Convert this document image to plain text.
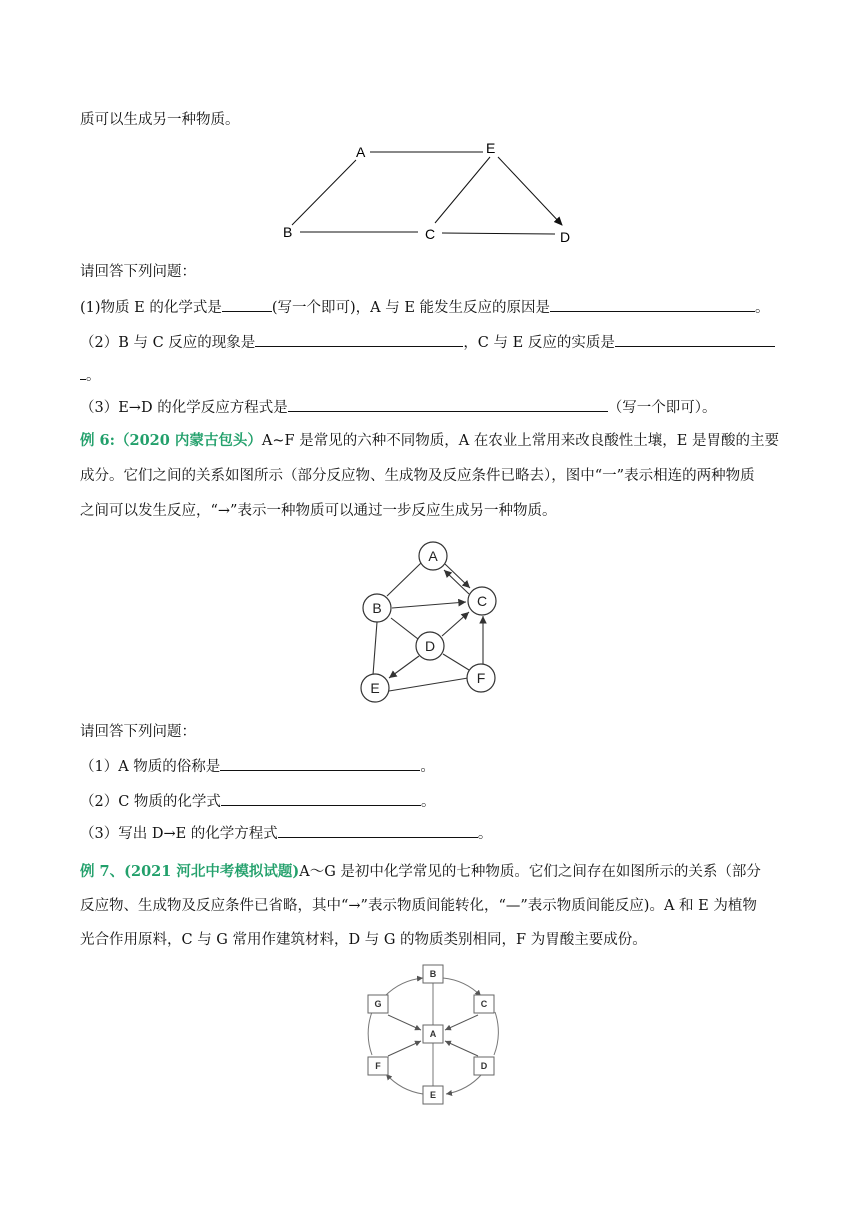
质可以生成另一种物质。
A	E
B	C	D
请回答下列问题：
(1)物质 E 的化学式是	(写一个即可)，A 与 E 能发生反应的原因是	。
（2）B 与 C 反应的现象是	，C 与 E 反应的实质是
。
（3）E→D 的化学反应方程式是	（写一个即可）。
例 6:（2020 内蒙古包头）A~F 是常见的六种不同物质，A 在农业上常用来改良酸性土壤，E 是胃酸的主要
成分。它们之间的关系如图所示（部分反应物、生成物及反应条件已略去），图中“一”表示相连的两种物质
之间可以发生反应，“→”表示一种物质可以通过一步反应生成另一种物质。
A
B	C
D
E
F
请回答下列问题：
（1）A 物质的俗称是	。
（2）C 物质的化学式	。
（3）写出 D→E 的化学方程式	。
例 7、(2021 河北中考模拟试题)A～G 是初中化学常见的七种物质。它们之间存在如图所示的关系（部分
反应物、生成物及反应条件已省略，其中“→”表示物质间能转化，“—”表示物质间能反应)。A 和 E 为植物
光合作用原料，C 与 G 常用作建筑材料，D 与 G 的物质类别相同，F 为胃酸主要成份。
B
G	C
A
F	D
E
